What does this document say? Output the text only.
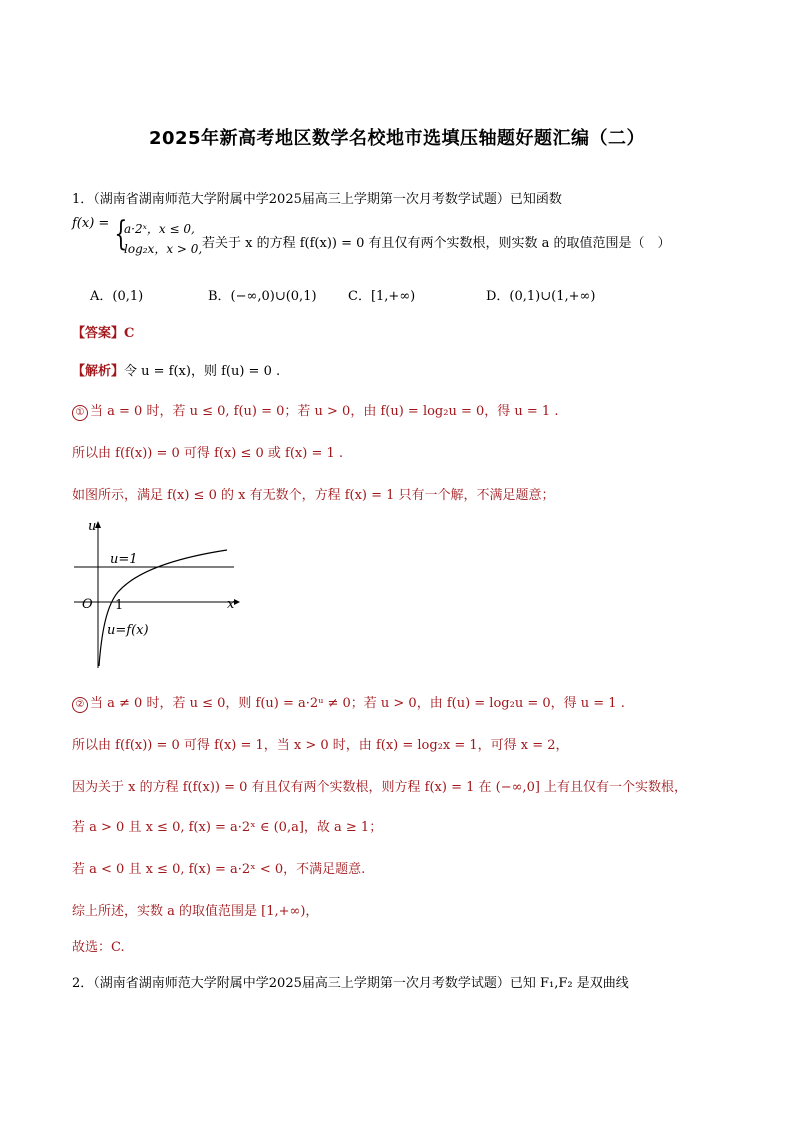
2025年新高考地区数学名校地市选填压轴题好题汇编（二）
1．（湖南省湖南师范大学附属中学2025届高三上学期第一次月考数学试题）已知函数
f(x) = {
a·2ˣ，x ≤ 0,
log₂x，x > 0, 若关于 x 的方程 f(f(x)) = 0 有且仅有两个实数根，则实数 a 的取值范围是（　）
A．(0,1)	B．(−∞,0)∪(0,1) C．[1,+∞)	D．(0,1)∪(1,+∞)
【答案】C
【解析】令 u = f(x)，则 f(u) = 0 .
① 当 a = 0 时，若 u ≤ 0, f(u) = 0；若 u > 0，由 f(u) = log₂u = 0，得 u = 1 .
所以由 f(f(x)) = 0 可得 f(x) ≤ 0 或 f(x) = 1 .
如图所示，满足 f(x) ≤ 0 的 x 有无数个，方程 f(x) = 1 只有一个解，不满足题意；
u
x
O 1
u=1
u=f(x)
② 当 a ≠ 0 时，若 u ≤ 0，则 f(u) = a·2ᵘ ≠ 0；若 u > 0，由 f(u) = log₂u = 0，得 u = 1 .
所以由 f(f(x)) = 0 可得 f(x) = 1，当 x > 0 时，由 f(x) = log₂x = 1，可得 x = 2，
因为关于 x 的方程 f(f(x)) = 0 有且仅有两个实数根，则方程 f(x) = 1 在 (−∞,0] 上有且仅有一个实数根，
若 a > 0 且 x ≤ 0, f(x) = a·2ˣ ∈ (0,a]，故 a ≥ 1；
若 a < 0 且 x ≤ 0, f(x) = a·2ˣ < 0，不满足题意.
综上所述，实数 a 的取值范围是 [1,+∞)，
故选：C.
2．（湖南省湖南师范大学附属中学2025届高三上学期第一次月考数学试题）已知 F₁,F₂ 是双曲线
